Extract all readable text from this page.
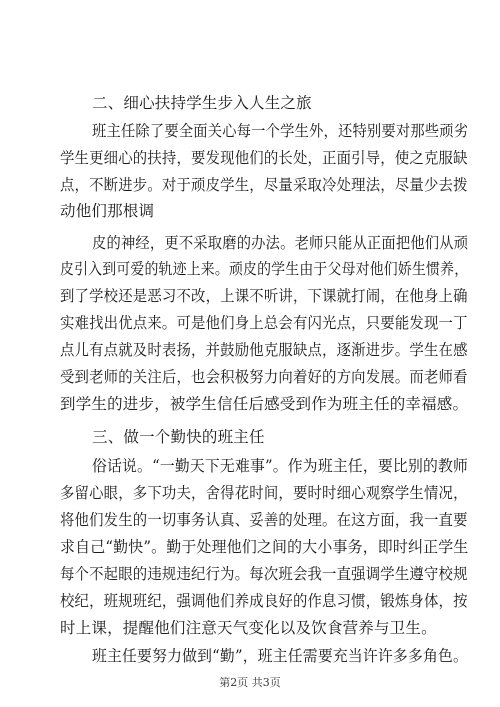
二、细心扶持学生步入人生之旅
班主任除了要全面关心每一个学生外，还特别要对那些顽劣
学生更细心的扶持，要发现他们的长处，正面引导，使之克服缺
点，不断进步。对于顽皮学生，尽量采取冷处理法，尽量少去拨
动他们那根调
皮的神经，更不采取磨的办法。老师只能从正面把他们从顽
皮引入到可爱的轨迹上来。顽皮的学生由于父母对他们娇生惯养，
到了学校还是恶习不改，上课不听讲，下课就打闹，在他身上确
实难找出优点来。可是他们身上总会有闪光点，只要能发现一丁
点儿有点就及时表扬，并鼓励他克服缺点，逐渐进步。学生在感
受到老师的关注后，也会积极努力向着好的方向发展。而老师看
到学生的进步，被学生信任后感受到作为班主任的幸福感。
三、做一个勤快的班主任
俗话说。“一勤天下无难事”。作为班主任，要比别的教师
多留心眼，多下功夫，舍得花时间，要时时细心观察学生情况，
将他们发生的一切事务认真、妥善的处理。在这方面，我一直要
求自己“勤快”。勤于处理他们之间的大小事务，即时纠正学生
每个不起眼的违规违纪行为。每次班会我一直强调学生遵守校规
校纪，班规班纪，强调他们养成良好的作息习惯，锻炼身体，按
时上课，提醒他们注意天气变化以及饮食营养与卫生。
班主任要努力做到“勤”，班主任需要充当许许多多角色。
第2页 共3页
